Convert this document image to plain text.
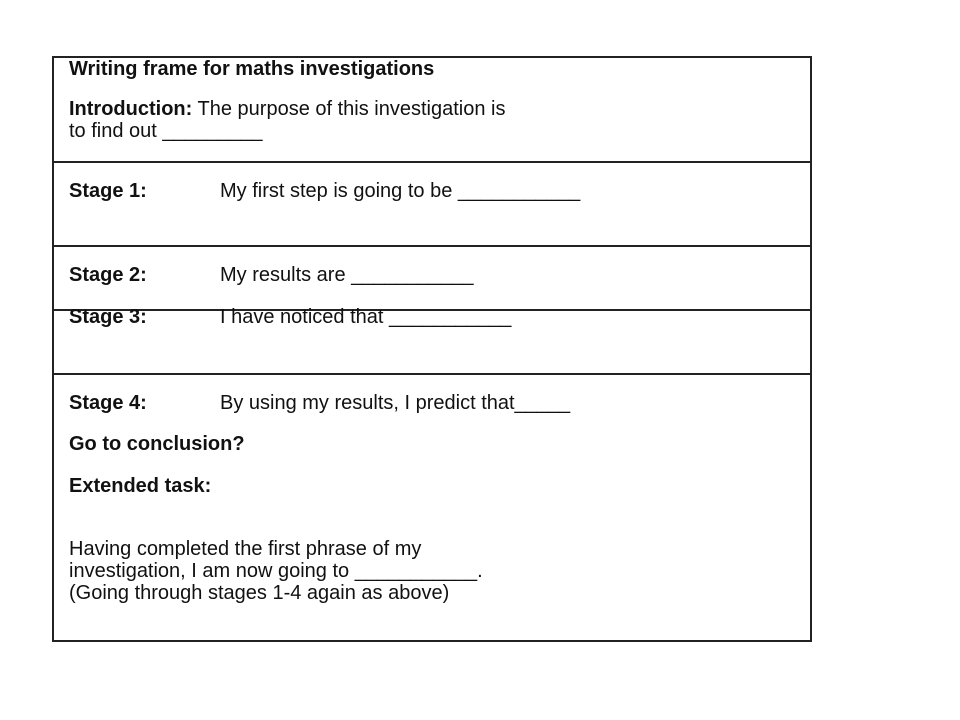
Writing frame for maths investigations
Introduction: The purpose of this investigation is
to find out _________
Stage 1:	My first step is going to be ___________
Stage 2:	My results are ___________
Stage 3:	I have noticed that ___________
Stage 4:	By using my results, I predict that_____
Go to conclusion?
Extended task:
Having completed the first phrase of my
investigation, I am now going to ___________.
(Going through stages 1-4 again as above)
